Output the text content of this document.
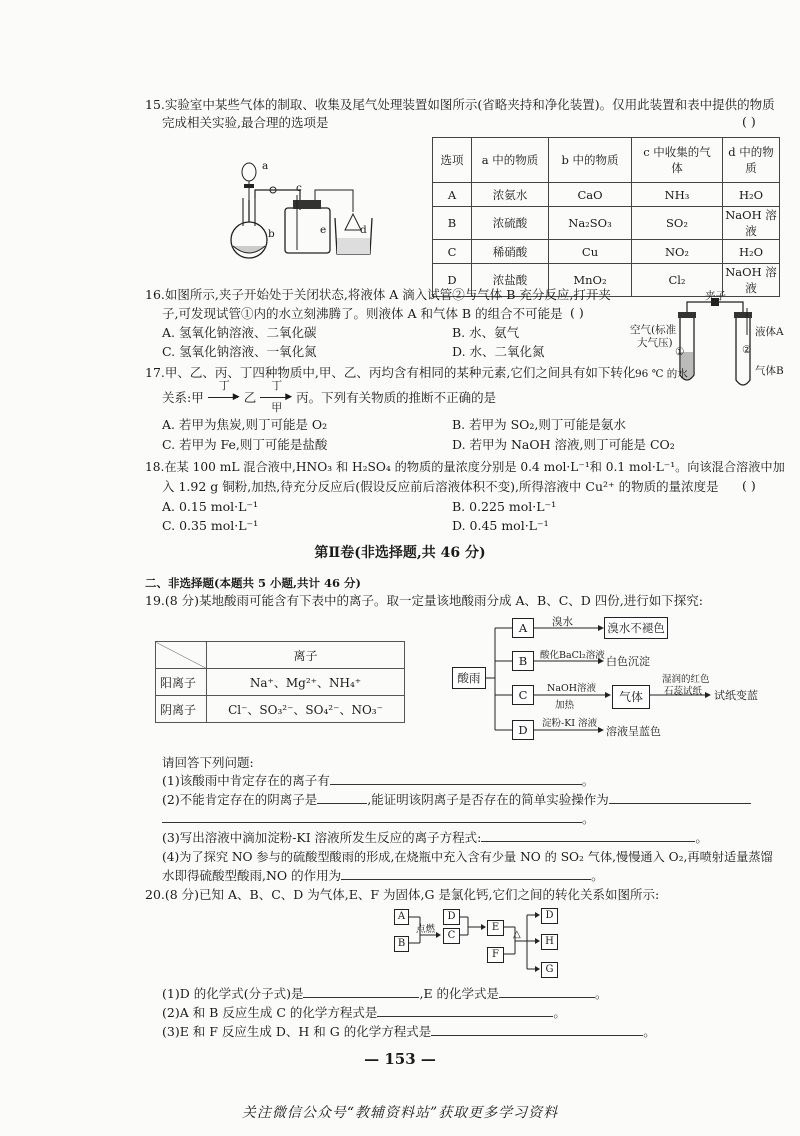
15.实验室中某些气体的制取、收集及尾气处理装置如图所示(省略夹持和净化装置)。仅用此装置和表中提供的物质
完成相关实验,最合理的选项是	( )
a
b
c
d
e
选项	a 中的物质	b 中的物质	c 中收集的气体	d 中的物质
A	浓氨水	CaO	NH₃	H₂O
B	浓硫酸	Na₂SO₃	SO₂	NaOH 溶液
C	稀硝酸	Cu	NO₂	H₂O
D	浓盐酸	MnO₂	Cl₂	NaOH 溶液
16.如图所示,夹子开始处于关闭状态,将液体 A 滴入试管②与气体 B 充分反应,打开夹
子,可发现试管①内的水立刻沸腾了。则液体 A 和气体 B 的组合不可能是 ( )
A. 氢氧化钠溶液、二氧化碳	B. 水、氨气
C. 氢氧化钠溶液、一氧化氮	D. 水、二氧化氮
夹子
空气(标准
大气压)
①	②
96 ℃ 的水
液体A
气体B
17.甲、乙、丙、丁四种物质中,甲、乙、丙均含有相同的某种元素,它们之间具有如下转化
关系:甲
丁
▶ 乙
丁
▶
甲
丙。下列有关物质的推断不正确的是
A. 若甲为焦炭,则丁可能是 O₂	B. 若甲为 SO₂,则丁可能是氨水
C. 若甲为 Fe,则丁可能是盐酸	D. 若甲为 NaOH 溶液,则丁可能是 CO₂
18.在某 100 mL 混合液中,HNO₃ 和 H₂SO₄ 的物质的量浓度分别是 0.4 mol·L⁻¹和 0.1 mol·L⁻¹。向该混合溶液中加
入 1.92 g 铜粉,加热,待充分反应后(假设反应前后溶液体积不变),所得溶液中 Cu²⁺ 的物质的量浓度是 ( )
A. 0.15 mol·L⁻¹	B. 0.225 mol·L⁻¹
C. 0.35 mol·L⁻¹	D. 0.45 mol·L⁻¹
第Ⅱ卷(非选择题,共 46 分)
二、非选择题(本题共 5 小题,共计 46 分)
19.(8 分)某地酸雨可能含有下表中的离子。取一定量该地酸雨分成 A、B、C、D 四份,进行如下探究:
	离子
阳离子	Na⁺、Mg²⁺、NH₄⁺
阴离子	Cl⁻、SO₃²⁻、SO₄²⁻、NO₃⁻
酸雨
A
B
C
D
溴水	溴水不褪色
酸化BaCl₂溶液 白色沉淀
NaOH溶液
加热
气体
湿润的红色
石蕊试纸 试纸变蓝
淀粉-KI 溶液
溶液呈蓝色
请回答下列问题:
(1)该酸雨中肯定存在的离子有	。
(2)不能肯定存在的阴离子是	,能证明该阴离子是否存在的简单实验操作为
。
(3)写出溶液中滴加淀粉-KI 溶液所发生反应的离子方程式:	。
(4)为了探究 NO 参与的硫酸型酸雨的形成,在烧瓶中充入含有少量 NO 的 SO₂ 气体,慢慢通入 O₂,再喷射适量蒸馏
水即得硫酸型酸雨,NO 的作用为	。
20.(8 分)已知 A、B、C、D 为气体,E、F 为固体,G 是氯化钙,它们之间的转化关系如图所示:
A
B
点燃
C
D
E
F
△
D
H
G
(1)D 的化学式(分子式)是	,E 的化学式是	。
(2)A 和 B 反应生成 C 的化学方程式是	。
(3)E 和 F 反应生成 D、H 和 G 的化学方程式是	。
— 153 —
关注微信公众号“教辅资料站”获取更多学习资料
